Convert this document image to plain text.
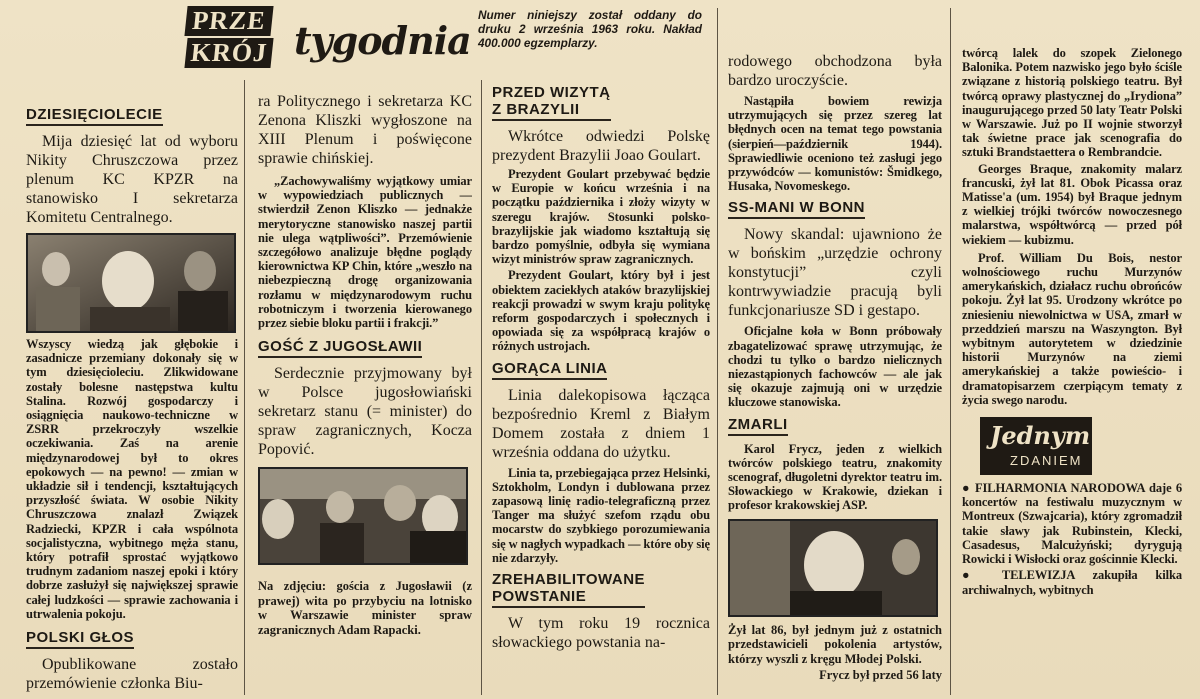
PRZE
KRÓJ tygodnia
Numer niniejszy został oddany do druku 2 września 1963 roku. Nakład 400.000 egzemplarzy.
DZIESIĘCIOLECIE

Mija dziesięć lat od wyboru Nikity Chruszczowa przez plenum KC KPZR na stanowisko I sekretarza Komitetu Centralnego.

Wszyscy wiedzą jak głębokie i zasadnicze przemiany dokonały się w tym dziesięcioleciu. Zlikwidowane zostały bolesne następstwa kultu Stalina. Rozwój gospodarczy i osiągnięcia naukowo-techniczne w ZSRR przekroczyły wszelkie oczekiwania. Zaś na arenie międzynarodowej był to okres epokowych — na pewno! — zmian w układzie sił i tendencji, kształtujących przyszłość świata. W osobie Nikity Chruszczowa znalazł Związek Radziecki, KPZR i cała wspólnota socjalistyczna, wybitnego męża stanu, który potrafił sprostać wyjątkowo trudnym zadaniom naszej epoki i który dobrze zasłużył się największej sprawie całej ludzkości — sprawie zachowania i utrwalenia pokoju.

POLSKI GŁOS

Opublikowane zostało przemówienie członka Biu-

ra Politycznego i sekretarza KC Zenona Kliszki wygłoszone na XIII Plenum i poświęcone sprawie chińskiej.

„Zachowywaliśmy wyjątkowy umiar w wypowiedziach publicznych — stwierdził Zenon Kliszko — jednakże merytoryczne stanowisko naszej partii nie ulega wątpliwości”. Przemówienie szczegółowo analizuje błędne poglądy kierownictwa KP Chin, które „weszło na niebezpieczną drogę organizowania rozłamu w międzynarodowym ruchu robotniczym i tworzenia kierowanego przez siebie bloku partii i frakcji.”

GOŚĆ Z JUGOSŁAWII

Serdecznie przyjmowany był w Polsce jugosłowiański sekretarz stanu (= minister) do spraw zagranicznych, Kocza Popović.

Na zdjęciu: gościa z Jugosławii (z prawej) wita po przybyciu na lotnisko w Warszawie minister spraw zagranicznych Adam Rapacki.

PRZED WIZYTĄ
Z BRAZYLII

Wkrótce odwiedzi Polskę prezydent Brazylii Joao Goulart.

Prezydent Goulart przebywać będzie w Europie w końcu września i na początku października i złoży wizyty w szeregu krajów. Stosunki polsko-brazylijskie jak wiadomo kształtują się bardzo pomyślnie, odbyła się wymiana wizyt ministrów spraw zagranicznych.

Prezydent Goulart, który był i jest obiektem zaciekłych ataków brazylijskiej reakcji prowadzi w swym kraju politykę reform gospodarczych i społecznych i opowiada się za współpracą krajów o różnych ustrojach.

GORĄCA LINIA

Linia dalekopisowa łącząca bezpośrednio Kreml z Białym Domem została z dniem 1 września oddana do użytku.

Linia ta, przebiegająca przez Helsinki, Sztokholm, Londyn i dublowana przez zapasową linię radio-telegraficzną przez Tanger ma służyć szefom rządu obu mocarstw do szybkiego porozumiewania się w nagłych wypadkach — które oby się nie zdarzyły.

ZREHABILITOWANE
POWSTANIE

W tym roku 19 rocznica słowackiego powstania na-

rodowego obchodzona była bardzo uroczyście.

Nastąpiła bowiem rewizja utrzymujących się przez szereg lat błędnych ocen na temat tego powstania (sierpień—październik 1944). Sprawiedliwie oceniono też zasługi jego przywódców — komunistów: Šmidkego, Husaka, Novomeskego.

SS-MANI W BONN

Nowy skandal: ujawniono że w bońskim „urzędzie ochrony konstytucji” czyli kontrwywiadzie pracują byli funkcjonariusze SD i gestapo.

Oficjalne koła w Bonn próbowały zbagatelizować sprawę utrzymując, że chodzi tu tylko o bardzo nielicznych niezastąpionych fachowców — ale jak się okazuje zajmują oni w urzędzie kluczowe stanowiska.

ZMARLI

Karol Frycz, jeden z wielkich twórców polskiego teatru, znakomity scenograf, długoletni dyrektor teatru im. Słowackiego w Krakowie, dziekan i profesor krakowskiej ASP.

Żył lat 86, był jednym już z ostatnich przedstawicieli pokolenia artystów, którzy wyszli z kręgu Młodej Polski.

Frycz był przed 56 laty

twórcą lalek do szopek Zielonego Balonika. Potem nazwisko jego było ściśle związane z historią polskiego teatru. Był twórcą oprawy plastycznej do „Irydiona” inaugurującego przed 50 laty Teatr Polski w Warszawie. Już po II wojnie stworzył tak świetne prace jak scenografia do sztuki Brandstaettera o Rembrandcie.

Georges Braque, znakomity malarz francuski, żył lat 81. Obok Picassa oraz Matisse'a (um. 1954) był Braque jednym z wielkiej trójki twórców nowoczesnego malarstwa, współtwórcą — przed pół wiekiem — kubizmu.

Prof. William Du Bois, nestor wolnościowego ruchu Murzynów amerykańskich, działacz ruchu obrońców pokoju. Żył lat 95. Urodzony wkrótce po zniesieniu niewolnictwa w USA, zmarł w przeddzień marszu na Waszyngton. Był wybitnym autorytetem w dziedzinie historii Murzynów na ziemi amerykańskiej a także powieścio- i dramatopisarzem czerpiącym tematy z życia swego narodu.

Jednym
ZDANIEM

● FILHARMONIA NARODOWA daje 6 koncertów na festiwalu muzycznym w Montreux (Szwajcaria), który zgromadził takie sławy jak Rubinstein, Klecki, Casadesus, Malcużyński; dyrygują Rowicki i Wisłocki oraz gościnnie Klecki.

● TELEWIZJA zakupiła kilka archiwalnych, wybitnych
